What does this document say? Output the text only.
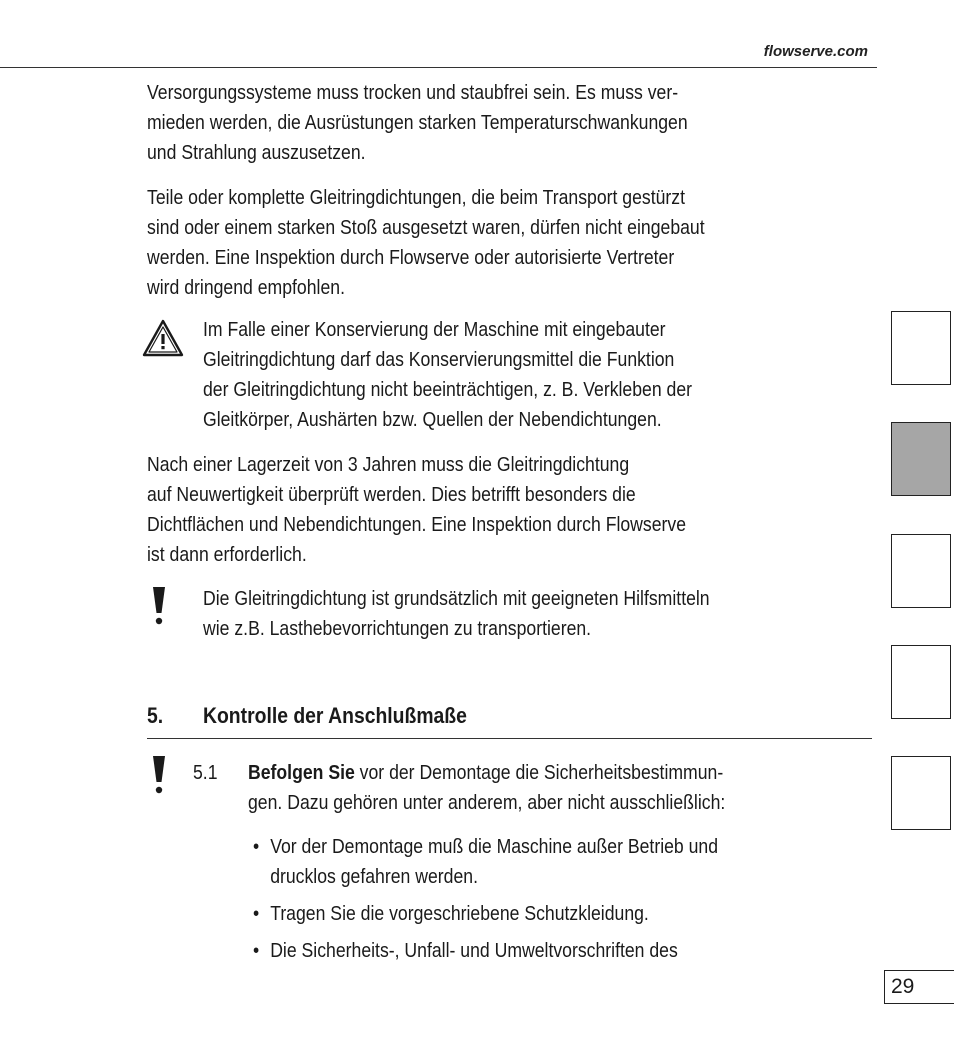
flowserve.com
Versorgungssysteme muss trocken und staubfrei sein. Es muss ver-
mieden werden, die Ausrüstungen starken Temperaturschwankungen
und Strahlung auszusetzen.
Teile oder komplette Gleitringdichtungen, die beim Transport gestürzt
sind oder einem starken Stoß ausgesetzt waren, dürfen nicht eingebaut
werden. Eine Inspektion durch Flowserve oder autorisierte Vertreter
wird dringend empfohlen.
Im Falle einer Konservierung der Maschine mit eingebauter
Gleitringdichtung darf das Konservierungsmittel die Funktion
der Gleitringdichtung nicht beeinträchtigen, z. B. Verkleben der
Gleitkörper, Aushärten bzw. Quellen der Nebendichtungen.
Nach einer Lagerzeit von 3 Jahren muss die Gleitringdichtung
auf Neuwertigkeit überprüft werden. Dies betrifft besonders die
Dichtflächen und Nebendichtungen. Eine Inspektion durch Flowserve
ist dann erforderlich.
Die Gleitringdichtung ist grundsätzlich mit geeigneten Hilfsmitteln
wie z.B. Lasthebevorrichtungen zu transportieren.
5. Kontrolle der Anschlußmaße
5.1 Befolgen Sie vor der Demontage die Sicherheitsbestimmun-
gen. Dazu gehören unter anderem, aber nicht ausschließlich:
• Vor der Demontage muß die Maschine außer Betrieb und
drucklos gefahren werden.
• Tragen Sie die vorgeschriebene Schutzkleidung.
• Die Sicherheits-, Unfall- und Umweltvorschriften des
29
